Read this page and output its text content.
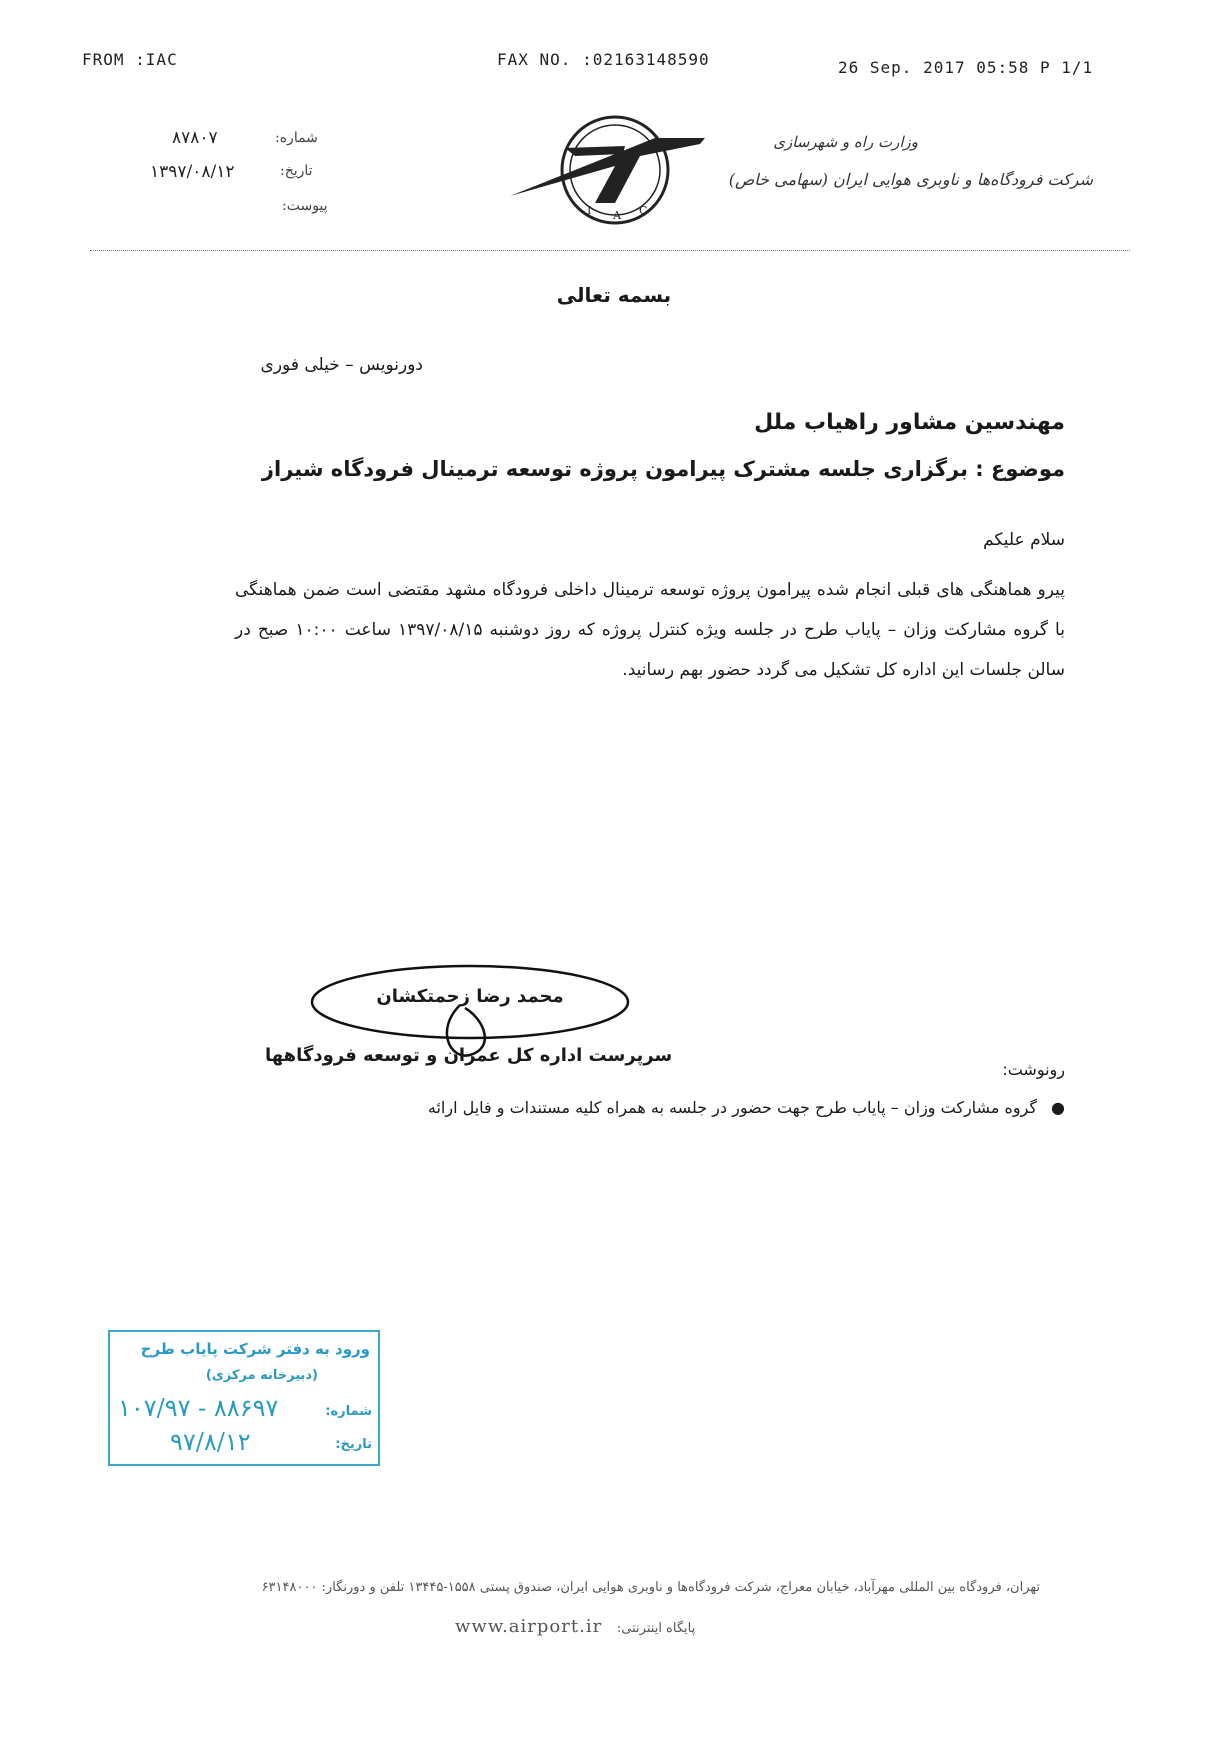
FROM :IAC	FAX NO. :02163148590	26 Sep. 2017 05:58 P 1/1
شماره:
۸۷۸۰۷
تاریخ:
۱۳۹۷/۰۸/۱۲
پیوست:	I A C
وزارت راه و شهرسازی
شرکت فرودگاه‌ها و ناوبری هوایی ایران (سهامی خاص)
بسمه تعالی
دورنویس – خیلی فوری
مهندسین مشاور راهیاب ملل
موضوع : برگزاری جلسه مشترک پیرامون پروژه توسعه ترمینال فرودگاه شیراز
سلام علیکم
پیرو هماهنگی های قبلی انجام شده پیرامون پروژه توسعه ترمینال داخلی فرودگاه مشهد مقتضی است ضمن هماهنگی با گروه مشارکت وزان – پایاب طرح در جلسه ویژه کنترل پروژه که روز دوشنبه ۱۳۹۷/۰۸/۱۵ ساعت ۱۰:۰۰ صبح در سالن جلسات این اداره کل تشکیل می گردد حضور بهم رسانید.
محمد رضا زحمتکشان
سرپرست اداره کل عمران و توسعه فرودگاهها
رونوشت:
●گروه مشارکت وزان – پایاب طرح جهت حضور در جلسه به همراه کلیه مستندات و فایل ارائه
ورود به دفتر شرکت پایاب طرح
(دبیرخانه مرکزی)
شماره:
۱۰۷/۹۷ - ۸۸۶۹۷
تاریخ:
۹۷/۸/۱۲
تهران، فرودگاه بین المللی مهرآباد، خیابان معراج، شرکت فرودگاه‌ها و ناوبری هوایی ایران، صندوق پستی ۱۵۵۸-۱۳۴۴۵ تلفن و دورنگار: ۶۳۱۴۸۰۰۰
www.airport.ir پایگاه اینترنتی:
